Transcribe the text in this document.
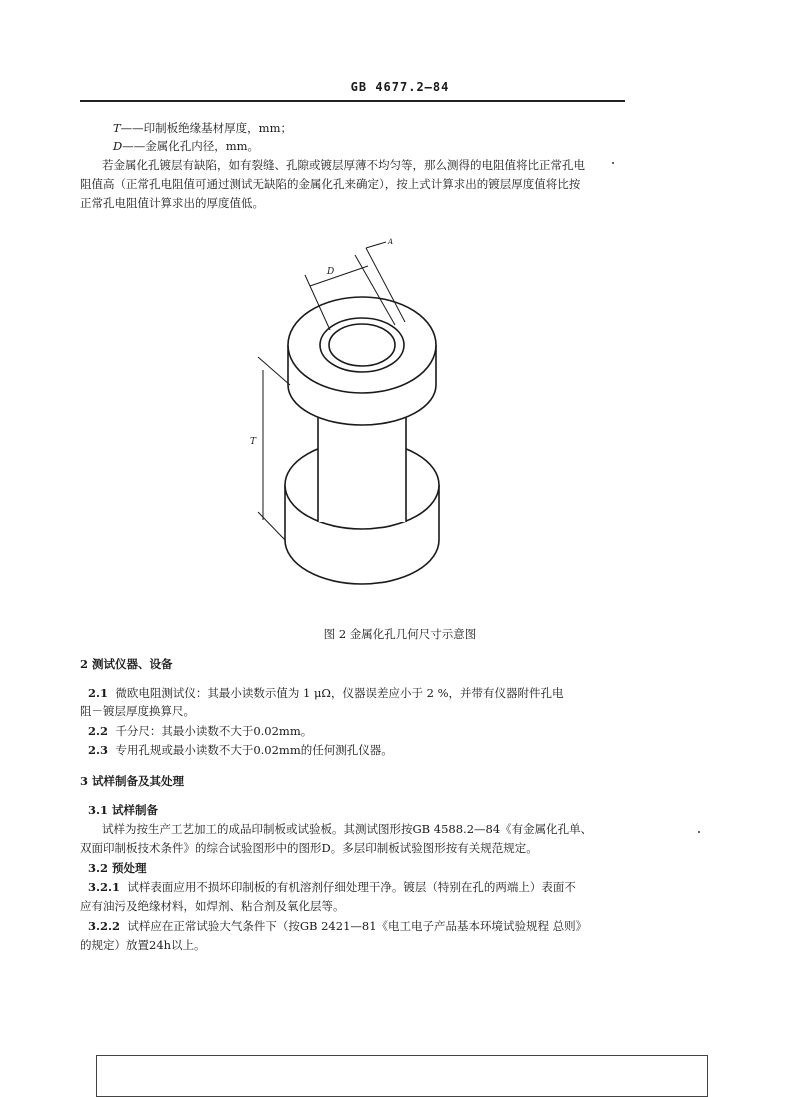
GB 4677.2—84
T——印制板绝缘基材厚度，mm；
D——金属化孔内径，mm。
若金属化孔镀层有缺陷，如有裂缝、孔隙或镀层厚薄不均匀等，那么测得的电阻值将比正常孔电
阻值高（正常孔电阻值可通过测试无缺陷的金属化孔来确定），按上式计算求出的镀层厚度值将比按
正常孔电阻值计算求出的厚度值低。
D
A
T
图 2 金属化孔几何尺寸示意图
2 测试仪器、设备
2.1 微欧电阻测试仪：其最小读数示值为 1 μΩ，仪器误差应小于 2 %，并带有仪器附件孔电
阻－镀层厚度换算尺。
2.2 千分尺：其最小读数不大于0.02mm。
2.3 专用孔规或最小读数不大于0.02mm的任何测孔仪器。
3 试样制备及其处理
3.1 试样制备
试样为按生产工艺加工的成品印制板或试验板。其测试图形按GB 4588.2—84《有金属化孔单、
双面印制板技术条件》的综合试验图形中的图形D。多层印制板试验图形按有关规范规定。
3.2 预处理
3.2.1 试样表面应用不损坏印制板的有机溶剂仔细处理干净。镀层（特别在孔的两端上）表面不
应有油污及绝缘材料，如焊剂、粘合剂及氧化层等。
3.2.2 试样应在正常试验大气条件下（按GB 2421—81《电工电子产品基本环境试验规程 总则》
的规定）放置24h以上。
